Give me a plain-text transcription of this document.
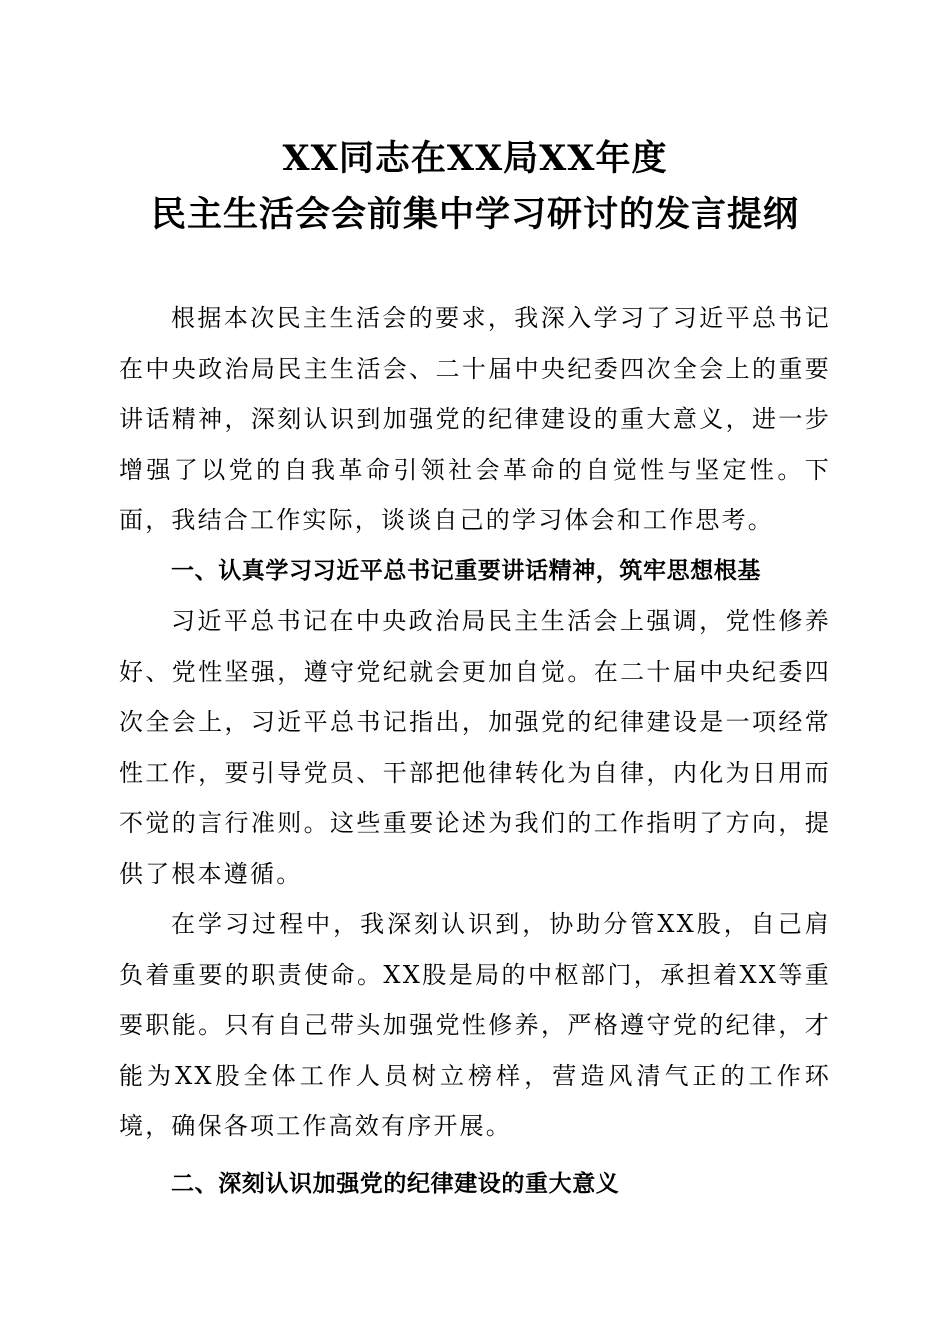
XX同志在XX局XX年度
民主生活会会前集中学习研讨的发言提纲

根据本次民主生活会的要求，我深入学习了习近平总书记在中央政治局民主生活会、二十届中央纪委四次全会上的重要讲话精神，深刻认识到加强党的纪律建设的重大意义，进一步增强了以党的自我革命引领社会革命的自觉性与坚定性。下面，我结合工作实际，谈谈自己的学习体会和工作思考。

一、认真学习习近平总书记重要讲话精神，筑牢思想根基

习近平总书记在中央政治局民主生活会上强调，党性修养好、党性坚强，遵守党纪就会更加自觉。在二十届中央纪委四次全会上，习近平总书记指出，加强党的纪律建设是一项经常性工作，要引导党员、干部把他律转化为自律，内化为日用而不觉的言行准则。这些重要论述为我们的工作指明了方向，提供了根本遵循。

在学习过程中，我深刻认识到，协助分管XX股，自己肩负着重要的职责使命。XX股是局的中枢部门，承担着XX等重要职能。只有自己带头加强党性修养，严格遵守党的纪律，才能为XX股全体工作人员树立榜样，营造风清气正的工作环境，确保各项工作高效有序开展。

二、深刻认识加强党的纪律建设的重大意义
